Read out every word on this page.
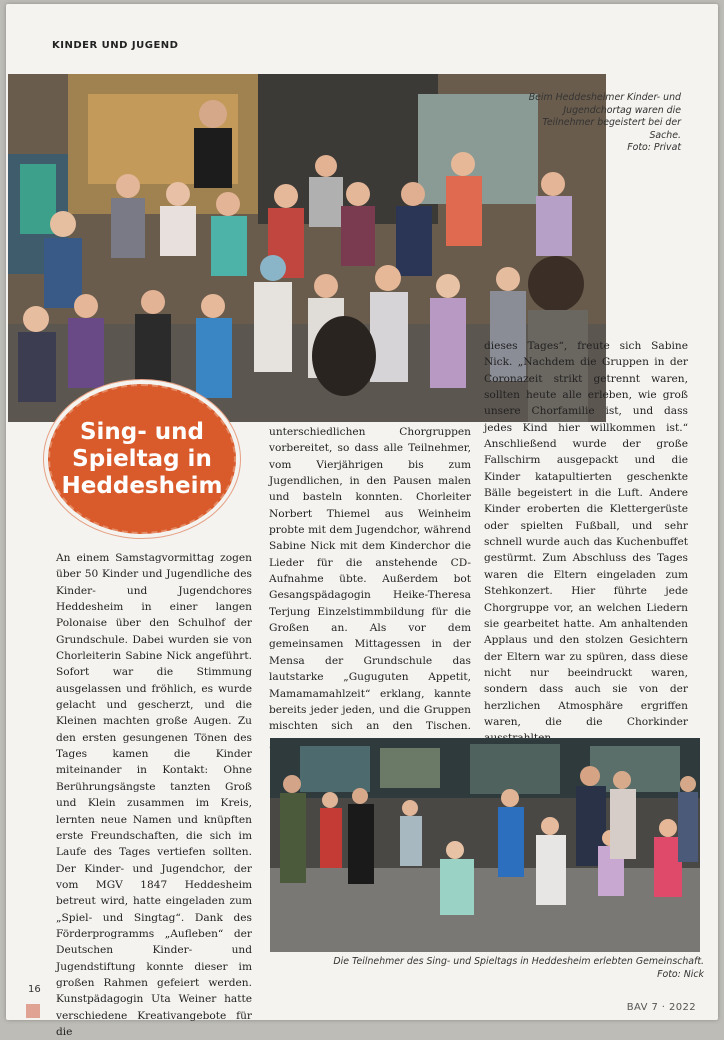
KINDER UND JUGEND
Beim Heddesheimer Kinder- und Jugendchortag waren die Teilnehmer begeistert bei der Sache.
Foto: Privat
Sing- und
Spieltag in
Heddesheim

An einem Samstagvormittag zogen über 50 Kinder und Jugendliche des Kinder- und Jugendchores Heddesheim in einer langen Polonaise über den Schulhof der Grundschule. Dabei wurden sie von Chorleiterin Sabine Nick angeführt. Sofort war die Stimmung ausgelassen und fröhlich, es wurde gelacht und gescherzt, und die Kleinen machten große Augen. Zu den ersten gesungenen Tönen des Tages kamen die Kinder miteinander in Kontakt: Ohne Berührungsängste tanzten Groß und Klein zusammen im Kreis, lernten neue Namen und knüpften erste Freundschaften, die sich im Laufe des Tages vertiefen sollten. Der Kinder- und Jugendchor, der vom MGV 1847 Heddesheim betreut wird, hatte eingeladen zum „Spiel- und Singtag“. Dank des Förderprogramms „Aufleben“ der Deutschen Kinder- und Jugendstiftung konnte dieser im großen Rahmen gefeiert werden. Kunstpädagogin Uta Weiner hatte verschiedene Kreativangebote für die

unterschiedlichen Chorgruppen vorbereitet, so dass alle Teilnehmer, vom Vierjährigen bis zum Jugendlichen, in den Pausen malen und basteln konnten. Chorleiter Norbert Thiemel aus Weinheim probte mit dem Jugendchor, während Sabine Nick mit dem Kinderchor die Lieder für die anstehende CD-Aufnahme übte. Außerdem bot Gesangspädagogin Heike-Theresa Terjung Einzelstimmbildung für die Großen an. Als vor dem gemeinsamen Mittagessen in der Mensa der Grundschule das lautstarke „Guguguten Appetit, Mamamamahlzeit“ erklang, kannte bereits jeder jeden, und die Gruppen mischten sich an den Tischen.

dieses Tages“, freute sich Sabine Nick. „Nachdem die Gruppen in der Coronazeit strikt getrennt waren, sollten heute alle erleben, wie groß unsere Chorfamilie ist, und dass jedes Kind hier willkommen ist.“ Anschließend wurde der große Fallschirm ausgepackt und die Kinder katapultierten geschenkte Bälle begeistert in die Luft. Andere Kinder eroberten die Klettergerüste oder spielten Fußball, und sehr schnell wurde auch das Kuchenbuffet gestürmt. Zum Abschluss des Tages waren die Eltern eingeladen zum Stehkonzert. Hier führte jede Chorgruppe vor, an welchen Liedern sie gearbeitet hatte. Am anhaltenden Applaus und den stolzen Gesichtern der Eltern war zu spüren, dass diese nicht nur beeindruckt waren, sondern dass auch sie von der herzlichen Atmosphäre ergriffen waren, die die Chorkinder

Die Teilnehmer des Sing- und Spieltags in Heddesheim erlebten Gemeinschaft.
Foto: Nick
16
BAV 7 · 2022
